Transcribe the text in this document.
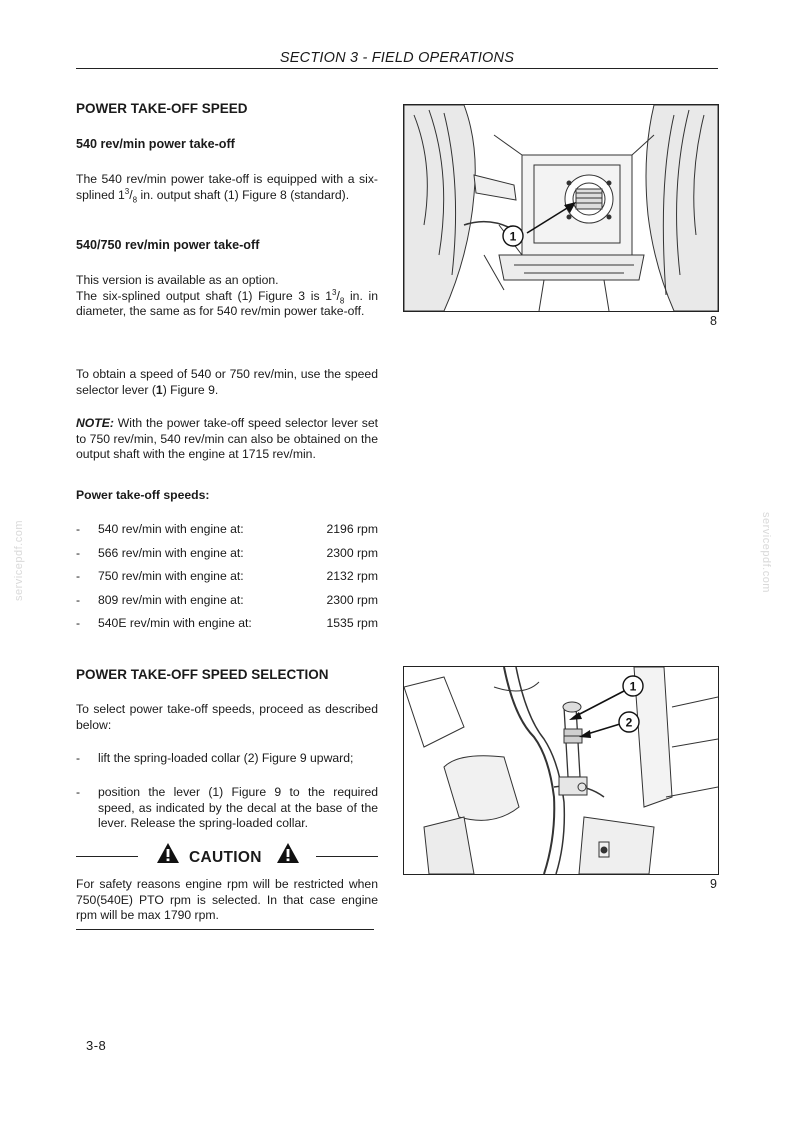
SECTION 3 - FIELD OPERATIONS
servicepdf.com	servicepdf.com
POWER TAKE-OFF SPEED
540 rev/min power take-off

The 540 rev/min power take-off is equipped with a six-splined $1^3/_8$ in. output shaft (1) Figure 8 (standard).

540/750 rev/min power take-off

This version is available as an option.

The six-splined output shaft (1) Figure 3 is $1^3/_8$ in. in diameter, the same as for 540 rev/min power take-off.

To obtain a speed of 540 or 750 rev/min, use the speed selector lever (1) Figure 9.

NOTE: With the power take-off speed selector lever set to 750 rev/min, 540 rev/min can also be obtained on the output shaft with the engine at 1715 rev/min.

Power take-off speeds:
- 540 rev/min with engine at:	2196 rpm
- 566 rev/min with engine at:	2300 rpm
- 750 rev/min with engine at:	2132 rpm
- 809 rev/min with engine at:	2300 rpm
- 540E rev/min with engine at:	1535 rpm
POWER TAKE-OFF SPEED SELECTION
To select power take-off speeds, proceed as described below:
- lift the spring-loaded collar (2) Figure 9 upward;
- position the lever (1) Figure 9 to the required speed, as indicated by the decal at the base of the lever. Release the spring-loaded collar.
CAUTION
For safety reasons engine rpm will be restricted when 750(540E) PTO rpm is selected. In that case engine rpm will be max 1790 rpm.
1
8
1
2
9
3-8
